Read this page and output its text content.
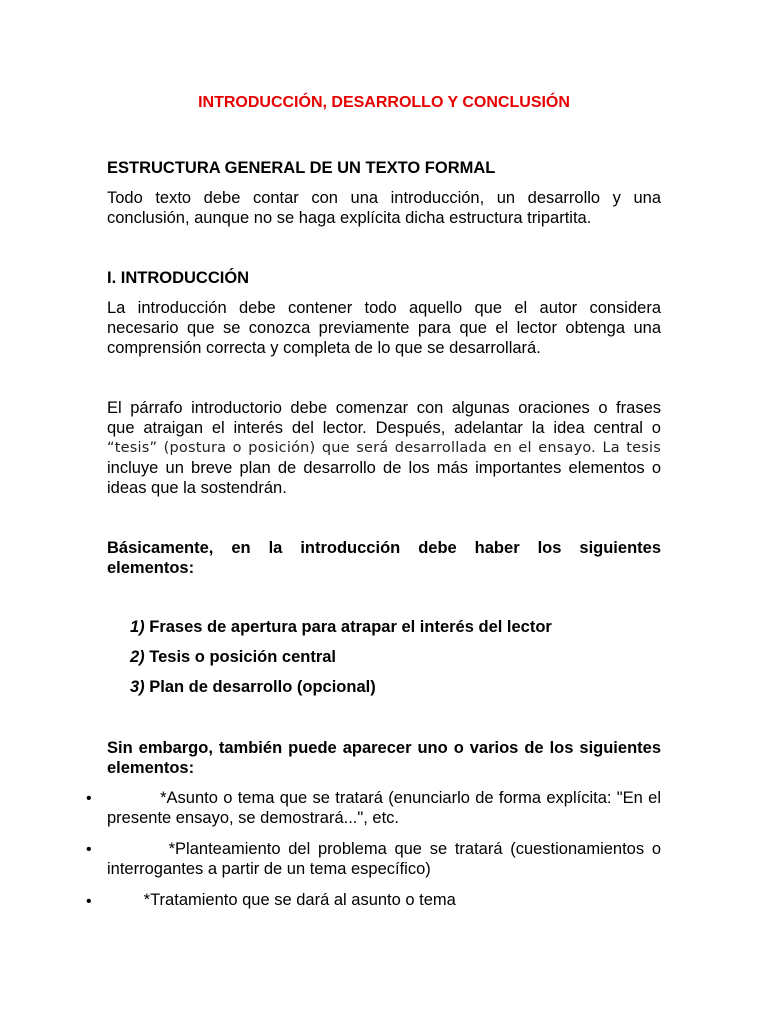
INTRODUCCIÓN, DESARROLLO Y CONCLUSIÓN
ESTRUCTURA GENERAL DE UN TEXTO FORMAL
Todo texto debe contar con una introducción, un desarrollo y una
conclusión, aunque no se haga explícita dicha estructura tripartita.
I. INTRODUCCIÓN
La introducción debe contener todo aquello que el autor considera
necesario que se conozca previamente para que el lector obtenga una
comprensión correcta y completa de lo que se desarrollará.
El párrafo introductorio debe comenzar con algunas oraciones o frases
que atraigan el interés del lector. Después, adelantar la idea central o
“tesis” (postura o posición) que será desarrollada en el ensayo. La tesis
incluye un breve plan de desarrollo de los más importantes elementos o
ideas que la sostendrán.
Básicamente, en la introducción debe haber los siguientes
elementos:
1) Frases de apertura para atrapar el interés del lector
2) Tesis o posición central
3) Plan de desarrollo (opcional)
Sin embargo, también puede aparecer uno o varios de los siguientes
elementos:
• *Asunto o tema que se tratará (enunciarlo de forma explícita: "En el
presente ensayo, se demostrará...", etc.
• *Planteamiento del problema que se tratará (cuestionamientos o
interrogantes a partir de un tema específico)
• *Tratamiento que se dará al asunto o tema
